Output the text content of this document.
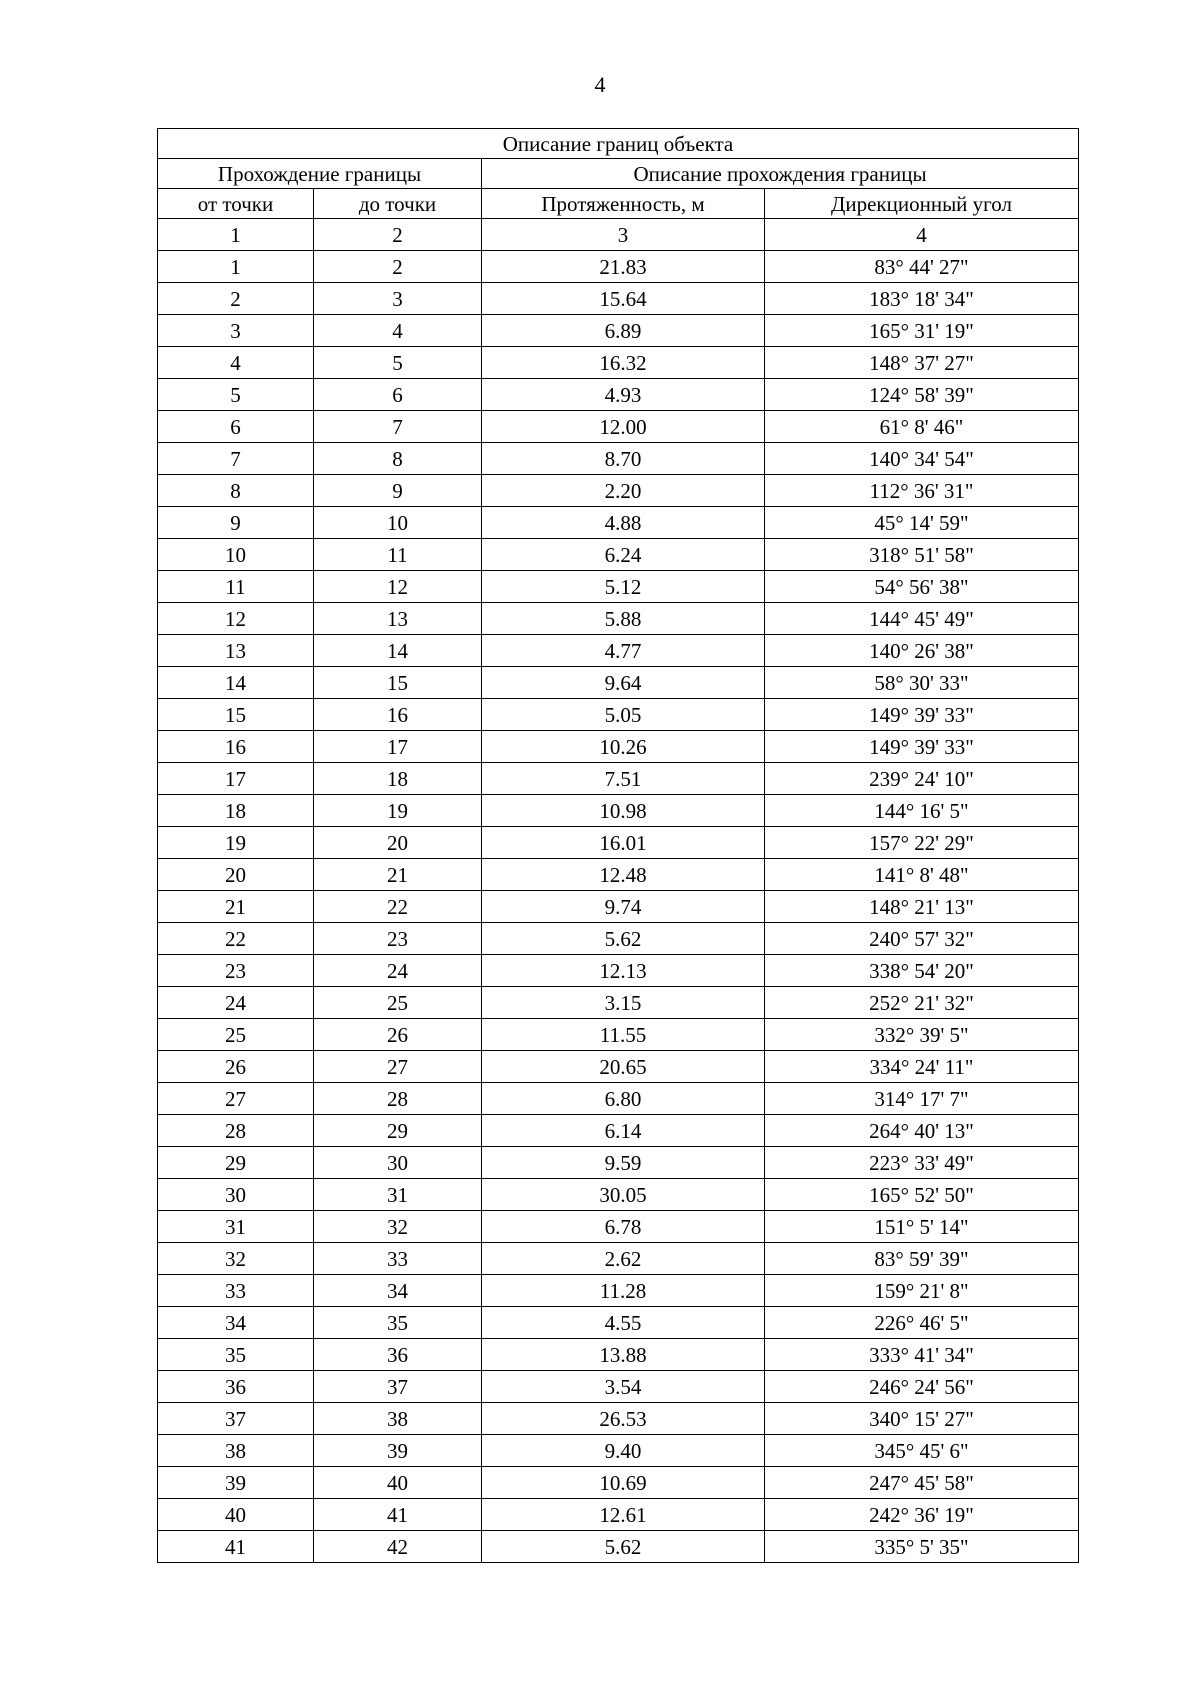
4
Описание границ объекта			
Прохождение границы		Описание прохождения границы	
от точки	до точки	Протяженность, м	Дирекционный угол
1	2	3	4
1	2	21.83	83° 44' 27"
2	3	15.64	183° 18' 34"
3	4	6.89	165° 31' 19"
4	5	16.32	148° 37' 27"
5	6	4.93	124° 58' 39"
6	7	12.00	61° 8' 46"
7	8	8.70	140° 34' 54"
8	9	2.20	112° 36' 31"
9	10	4.88	45° 14' 59"
10	11	6.24	318° 51' 58"
11	12	5.12	54° 56' 38"
12	13	5.88	144° 45' 49"
13	14	4.77	140° 26' 38"
14	15	9.64	58° 30' 33"
15	16	5.05	149° 39' 33"
16	17	10.26	149° 39' 33"
17	18	7.51	239° 24' 10"
18	19	10.98	144° 16' 5"
19	20	16.01	157° 22' 29"
20	21	12.48	141° 8' 48"
21	22	9.74	148° 21' 13"
22	23	5.62	240° 57' 32"
23	24	12.13	338° 54' 20"
24	25	3.15	252° 21' 32"
25	26	11.55	332° 39' 5"
26	27	20.65	334° 24' 11"
27	28	6.80	314° 17' 7"
28	29	6.14	264° 40' 13"
29	30	9.59	223° 33' 49"
30	31	30.05	165° 52' 50"
31	32	6.78	151° 5' 14"
32	33	2.62	83° 59' 39"
33	34	11.28	159° 21' 8"
34	35	4.55	226° 46' 5"
35	36	13.88	333° 41' 34"
36	37	3.54	246° 24' 56"
37	38	26.53	340° 15' 27"
38	39	9.40	345° 45' 6"
39	40	10.69	247° 45' 58"
40	41	12.61	242° 36' 19"
41	42	5.62	335° 5' 35"
